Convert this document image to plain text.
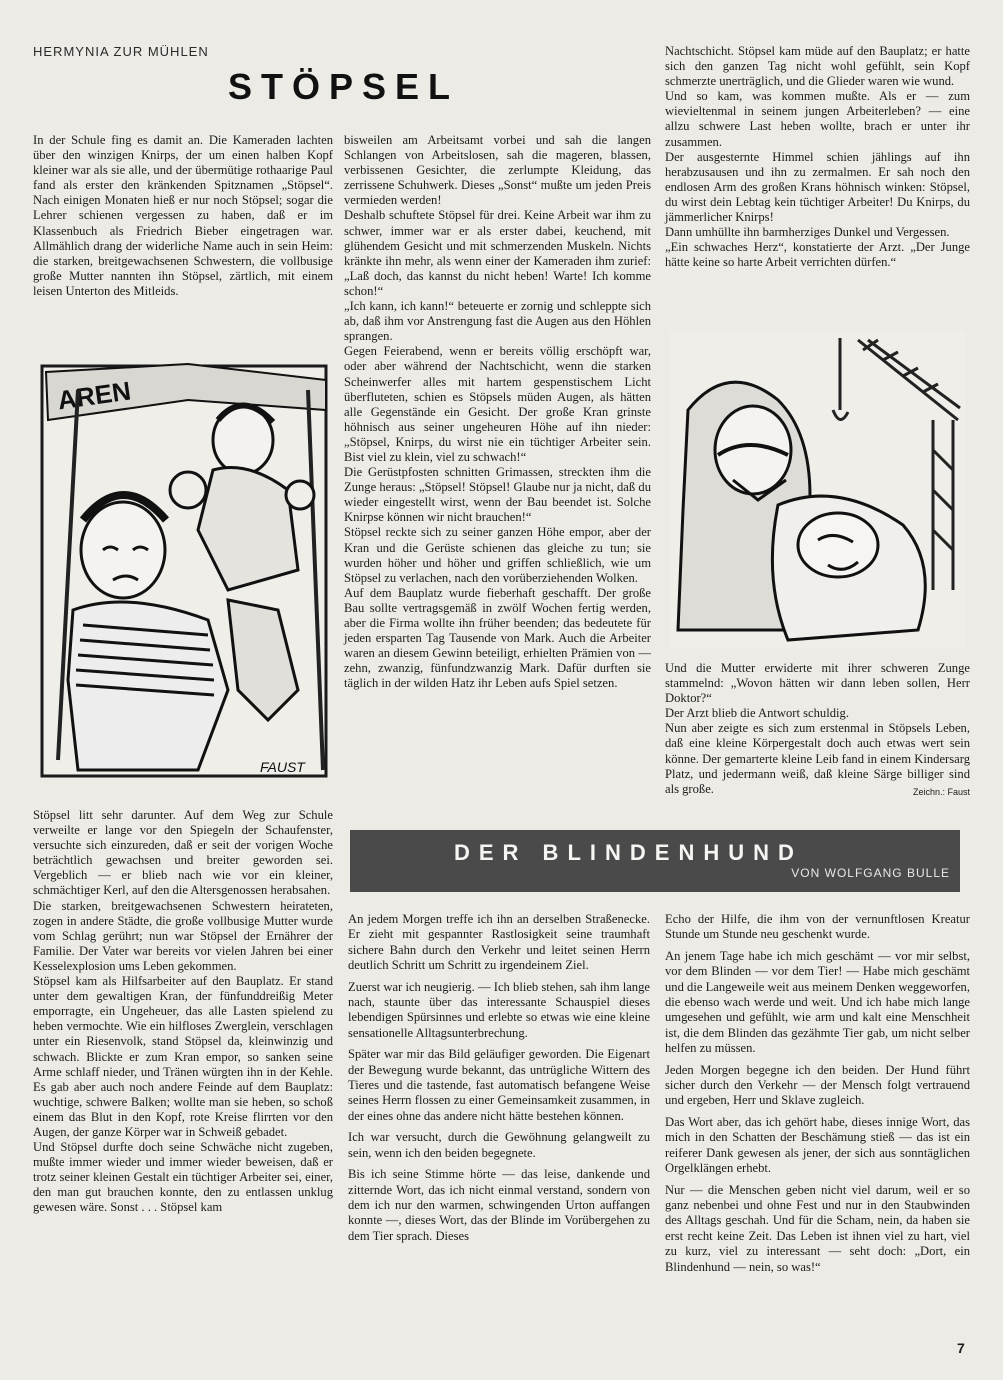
HERMYNIA ZUR MÜHLEN
STÖPSEL

In der Schule fing es damit an. Die Kameraden lachten über den winzigen Knirps, der um einen halben Kopf kleiner war als sie alle, und der übermütige rothaarige Paul fand als erster den kränkenden Spitznamen „Stöpsel“. Nach einigen Monaten hieß er nur noch Stöpsel; sogar die Lehrer schienen vergessen zu haben, daß er im Klassenbuch als Friedrich Bieber eingetragen war. Allmählich drang der widerliche Name auch in sein Heim: die starken, breitgewachsenen Schwestern, die vollbusige große Mutter nannten ihn Stöpsel, zärtlich, mit einem leisen Unterton des Mitleids.

AREN
FAUST

Stöpsel litt sehr darunter. Auf dem Weg zur Schule verweilte er lange vor den Spiegeln der Schaufenster, versuchte sich einzureden, daß er seit der vorigen Woche beträchtlich gewachsen und breiter geworden sei. Vergeblich — er blieb nach wie vor ein kleiner, schmächtiger Kerl, auf den die Altersgenossen herabsahen.

Die starken, breitgewachsenen Schwestern heirateten, zogen in andere Städte, die große vollbusige Mutter wurde vom Schlag gerührt; nun war Stöpsel der Ernährer der Familie. Der Vater war bereits vor vielen Jahren bei einer Kesselexplosion ums Leben gekommen.

Stöpsel kam als Hilfsarbeiter auf den Bauplatz. Er stand unter dem gewaltigen Kran, der fünfunddreißig Meter emporragte, ein Ungeheuer, das alle Lasten spielend zu heben vermochte. Wie ein hilfloses Zwerglein, verschlagen unter ein Riesenvolk, stand Stöpsel da, kleinwinzig und schwach. Blickte er zum Kran empor, so sanken seine Arme schlaff nieder, und Tränen würgten ihn in der Kehle. Es gab aber auch noch andere Feinde auf dem Bauplatz: wuchtige, schwere Balken; wollte man sie heben, so schoß einem das Blut in den Kopf, rote Kreise flirrten vor den Augen, der ganze Körper war in Schweiß gebadet.

Und Stöpsel durfte doch seine Schwäche nicht zugeben, mußte immer wieder und immer wieder beweisen, daß er trotz seiner kleinen Gestalt ein tüchtiger Arbeiter sei, einer, den man gut brauchen konnte, den zu entlassen unklug gewesen wäre. Sonst . . . Stöpsel kam

bisweilen am Arbeitsamt vorbei und sah die langen Schlangen von Arbeitslosen, sah die mageren, blassen, verbissenen Gesichter, die zerlumpte Kleidung, das zerrissene Schuhwerk. Dieses „Sonst“ mußte um jeden Preis vermieden werden!

Deshalb schuftete Stöpsel für drei. Keine Arbeit war ihm zu schwer, immer war er als erster dabei, keuchend, mit glühendem Gesicht und mit schmerzenden Muskeln. Nichts kränkte ihn mehr, als wenn einer der Kameraden ihm zurief: „Laß doch, das kannst du nicht heben! Warte! Ich komme schon!“

„Ich kann, ich kann!“ beteuerte er zornig und schleppte sich ab, daß ihm vor Anstrengung fast die Augen aus den Höhlen sprangen.

Gegen Feierabend, wenn er bereits völlig erschöpft war, oder aber während der Nachtschicht, wenn die starken Scheinwerfer alles mit hartem gespenstischem Licht überfluteten, schien es Stöpsels müden Augen, als hätten alle Gegenstände ein Gesicht. Der große Kran grinste höhnisch aus seiner ungeheuren Höhe auf ihn nieder: „Stöpsel, Knirps, du wirst nie ein tüchtiger Arbeiter sein. Bist viel zu klein, viel zu schwach!“

Die Gerüstpfosten schnitten Grimassen, streckten ihm die Zunge heraus: „Stöpsel! Stöpsel! Glaube nur ja nicht, daß du wieder eingestellt wirst, wenn der Bau beendet ist. Solche Knirpse können wir nicht brauchen!“

Stöpsel reckte sich zu seiner ganzen Höhe empor, aber der Kran und die Gerüste schienen das gleiche zu tun; sie wurden höher und höher und griffen schließlich, wie um Stöpsel zu verlachen, nach den vorüberziehenden Wolken.

Auf dem Bauplatz wurde fieberhaft geschafft. Der große Bau sollte vertragsgemäß in zwölf Wochen fertig werden, aber die Firma wollte ihn früher beenden; das bedeutete für jeden ersparten Tag Tausende von Mark. Auch die Arbeiter waren an diesem Gewinn beteiligt, erhielten Prämien von — zehn, zwanzig, fünfundzwanzig Mark. Dafür durften sie täglich in der wilden Hatz ihr Leben aufs Spiel setzen.

Nachtschicht. Stöpsel kam müde auf den Bauplatz; er hatte sich den ganzen Tag nicht wohl gefühlt, sein Kopf schmerzte unerträglich, und die Glieder waren wie wund.

Und so kam, was kommen mußte. Als er — zum wievieltenmal in seinem jungen Arbeiterleben? — eine allzu schwere Last heben wollte, brach er unter ihr zusammen.

Der ausgesternte Himmel schien jählings auf ihn herabzusausen und ihn zu zermalmen. Er sah noch den endlosen Arm des großen Krans höhnisch winken: Stöpsel, du wirst dein Lebtag kein tüchtiger Arbeiter! Du Knirps, du jämmerlicher Knirps!

Dann umhüllte ihn barmherziges Dunkel und Vergessen.

„Ein schwaches Herz“, konstatierte der Arzt. „Der Junge hätte keine so harte Arbeit verrichten dürfen.“

Und die Mutter erwiderte mit ihrer schweren Zunge stammelnd: „Wovon hätten wir dann leben sollen, Herr Doktor?“

Der Arzt blieb die Antwort schuldig.

Nun aber zeigte es sich zum erstenmal in Stöpsels Leben, daß eine kleine Körpergestalt doch auch etwas wert sein könne. Der gemarterte kleine Leib fand in einem Kindersarg Platz, und jedermann weiß, daß kleine Särge billiger sind als große.	Zeichn.: Faust

DER BLINDENHUND
VON WOLFGANG BULLE

An jedem Morgen treffe ich ihn an derselben Straßenecke. Er zieht mit gespannter Rastlosigkeit seine traumhaft sichere Bahn durch den Verkehr und leitet seinen Herrn deutlich Schritt um Schritt zu irgendeinem Ziel.

Zuerst war ich neugierig. — Ich blieb stehen, sah ihm lange nach, staunte über das interessante Schauspiel dieses lebendigen Spürsinnes und erlebte so etwas wie eine kleine sensationelle Alltagsunterbrechung.

Später war mir das Bild geläufiger geworden. Die Eigenart der Bewegung wurde bekannt, das untrügliche Wittern des Tieres und die tastende, fast automatisch befangene Weise seines Herrn flossen zu einer Gemeinsamkeit zusammen, in der eines ohne das andere nicht hätte bestehen können.

Ich war versucht, durch die Gewöhnung gelangweilt zu sein, wenn ich den beiden begegnete.

Bis ich seine Stimme hörte — das leise, dankende und zitternde Wort, das ich nicht einmal verstand, sondern von dem ich nur den warmen, schwingenden Urton auffangen konnte —, dieses Wort, das der Blinde im Vorübergehen zu dem Tier sprach. Dieses

Echo der Hilfe, die ihm von der vernunftlosen Kreatur Stunde um Stunde neu geschenkt wurde.

An jenem Tage habe ich mich geschämt — vor mir selbst, vor dem Blinden — vor dem Tier! — Habe mich geschämt und die Langeweile weit aus meinem Denken weggeworfen, die ebenso wach werde und weit. Und ich habe mich lange umgesehen und gefühlt, wie arm und kalt eine Menschheit ist, die dem Blinden das gezähmte Tier gab, um nicht selber helfen zu müssen.

Jeden Morgen begegne ich den beiden. Der Hund führt sicher durch den Verkehr — der Mensch folgt vertrauend und ergeben, Herr und Sklave zugleich.

Das Wort aber, das ich gehört habe, dieses innige Wort, das mich in den Schatten der Beschämung stieß — das ist ein reiferer Dank gewesen als jener, der sich aus sonntäglichen Orgelklängen erhebt.

Nur — die Menschen geben nicht viel darum, weil er so ganz nebenbei und ohne Fest und nur in den Staubwinden des Alltags geschah. Und für die Scham, nein, da haben sie erst recht keine Zeit. Das Leben ist ihnen viel zu hart, viel zu kurz, viel zu interessant — seht doch: „Dort, ein Blindenhund — nein, so was!“

7
